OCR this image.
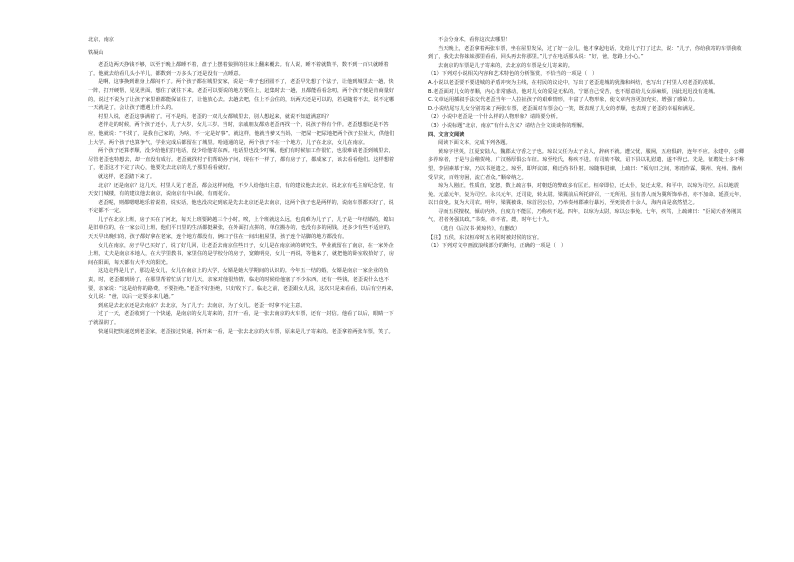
北京，南京

铁凝山

老歪边两天挣钱不够，以至于晚上都睡不着，盘子上摆着狼狈的往床上翻来覆去。有人说，睡不着就数羊，数不到一百只就睡着了。他就去给看几头小羊儿，都数到一万多头了还是没有一点睡意。

是啊，这事换到谁身上都闷不了。两个孩子都在城里安家，说是一辈子也团圆不了，老歪早先想了个法子，让他到城里去一趟，快一阵，打开硬帮，见见世面，想住了就往下来。老歪可以要说的地方要住上，赶集时去一趟，且都能看看念叨，两个孩子便是肯商量好的，说过不说为了让孩子家里谁都能保证住了，让他放心去。去趟去吧，住上不会住的，玩两天还是可以的，若是随着不去，说不定哪一天就是了，会让孩子遭遇上什么的。

村里人说，老歪这事满着了。可不是吗，老歪的一双儿女都城里去，别人想起来，就说不知道满意吗？

老伴走的时候，两个孩子还小，儿子大岁，女儿三岁。当时，亲戚朋友都劝老歪再找一个，说孩子得有个伴。老歪想想还是不答应，他就说：“不找了，是我自己家的，为啥，不一定是好事”。就这样，他就当爹又当妈，一把屎一把尿地把两个孩子拉扯大，供他们上大学。两个孩子也算争气，学业完成后都留在了城里。哈通通的是，两个孩子不在一个地方，儿子在北京，女儿在南京。

两个孩子还算孝顺，没少给他们打电话，没少给他寄东西。电话里也没少叮嘱，他们有时候加工作很忙，也很难请老歪到城里去，尽管老歪也特想去，却一直没有成行。老歪就找村子们帮助孙子问，现在不一样了，都有房子了，都成家了，该去看看他们。这样想着了，老歪这才下定了决心，他要先去北京的儿子那里看看就好。

就这样，老歪踏下来了。

北京？还是南京？这几天，村里人见了老歪，都会这样问他，不少人给他出主意，有的建议他去北京，说北京有毛主席纪念堂，有天安门城楼，有的建议他去南京，说南京有中山陵，有雨花台。

老歪呢，则都嗯嗯地乐着说着，说实话，他也没决定到底是先去北京还是去南京，这两个孩子也是两样的，说南车票都买好了，说不定都不一定。

儿子在北京上班，房子买在了河北，每天上班要跨越三个小时。唉，上个班就这么远，也真难为儿子了，儿子是一年结婚的，媳妇是旧单位的，在一家公司上班，他们平日里的生活都挺紧张，在外面打点拼的，单位搬办的，也没有多的闲钱，还多少有些不适应的，天天早出晚归的，孩子都好拿在老家，连个地方都没有，俩口子住在一间出租屋里，孩子连个站脚的地方都没有。

女儿在南京，房子早已买好了，说了好几回，让老歪去南京住些日子，女儿是在南京读的研究生，毕业就留在了南京，在一家外企上班，丈夫是南京本地人，在大学里教书，家里住的是学校分的房子，宽敞明亮，女儿一再说，等他来了，就把他的卧室收拾好了，房间在阳面，每天都有大半天的阳光。

这边走得是儿子，那边是女儿，女儿在南京上的大学，女婿是她大学期间的认识的。今年五一结的婚，女婿是南京一家企业的负责，时，老歪都到场了，在那里帮着忙活了好几天，亲家对他很热情，临走的时候给他塞了不少东西，还有一些钱，老歪说什么也不要，亲家说：“这是给你的路费，不要拒绝。”老歪不好拒绝，只好收下了。临走之前，老歪跟女儿说，这次只是来看看，以后有空再来，女儿说：“爸，以后一定要多来几趟。”

到底是去北京还是去南京？去北京，为了儿子；去南京，为了女儿。老歪一时拿不定主意。

过了一天，老歪收到了一个快递，是南京的女儿寄来的，打开一看，是一张去南京的火车票，还有一封信。他看了以后，眼睛一下子就湿润了。

快递员把快递送到老歪家，老歪接过快递，拆开来一看，是一张去北京的火车票，原来是儿子寄来的。老歪拿着两张车票，笑了。

不会分身术，看你这次去哪里！

当天晚上，老歪拿着两张车票，坐在屋里发呆，过了好一会儿，他才拿起电话，先给儿子打了过去，说：“儿子，你给我寄的车票我收到了，我先去你妹妹那里看看，回头再去你那里。”儿子在电话那头说：“好，爸，您路上小心。”

去南京的车票是儿子寄来的，去北京的车票是女儿寄来的。

（1）下列对小说相关内容和艺术特色的分析鉴赏，不恰当的一项是（　）

A.小说以老歪要不要进城的矛盾冲突为主线，在村民的议论中，写出了老歪进城的犹豫和纠结，也写出了村里人对老歪的羡慕。

B.老歪面对儿女的孝顺，内心非常感动，他对儿女的爱是无私的，宁愿自己受苦，也不愿意给儿女添麻烦，因此迟迟没有进城。

C.文章运用插叙手法交代老歪当年一人拉扯孩子的艰难情形，丰富了人物形象，使文章内容更加充实，增强了感染力。

D.小说结尾写儿女分别寄来了两张车票，老歪面对车票会心一笑，既表现了儿女的孝顺，也表现了老歪的幸福和满足。

（2）小说中老歪是一个什么样的人物形象？请简要分析。

（3）小说标题“北京，南京”有什么含义？请结合全文谈谈你的理解。

四、文言文阅读

阅读下面文本，完成下列各题。

黄琼字世英，江夏安陆人，魏郡太守香之子也。琼以父任为太子舍人，辞病不就。遭父忧，服阕，五府俱辟，连年不应。永建中，公卿多荐琼者，于是与会稽贺纯、广汉杨厚俱公车征。琼至纶氏，称疾不进。有司劾不敬，诏下县以礼慰遣，遂不得已。先是，征聘处士多不称望，李固素慕于琼，乃以书逆遗之。琼至，即拜议郎，稍迁尚书仆射。琼随事进谏，上疏曰：“顷旬日之间，寒雨作霖，冀州、兖州、豫州受旱灾，百姓穷困，流亡者众。”顺帝纳之。

琼为人刚正，性质直，宽恕，数上疏言事，对朝廷的弊政多有匡正。桓帝即位，迁太仆，复迁太常。和平中，以琼为司空。后以地震免。元嘉元年，复为司空。永兴元年，迁司徒，转太尉。梁冀前后所托辟召，一无所用。虽有善人而为冀所饰举者，亦不加命。延熹元年，以日食免。复为大司农。明年，梁冀被诛，琼首居公位，乃举奏州郡素行暴污，至死徙者十余人，海内由是翕然望之。

寻而五侯擅权，倾动内外，自度力不能匡，乃称疾不起。四年，以琼为太尉，琼以公事免。七年，疾笃，上疏谏曰：“臣闻天者务刚其气，君者务强其政。”书奏，帝不省。薨，时年七十九。

（选自《后汉书·黄琼传》，有删改）

【注】五侯，东汉桓帝时五名同时被封侯的宦官。

（1）下列对文中画波浪线部分的断句，正确的一项是（　）
